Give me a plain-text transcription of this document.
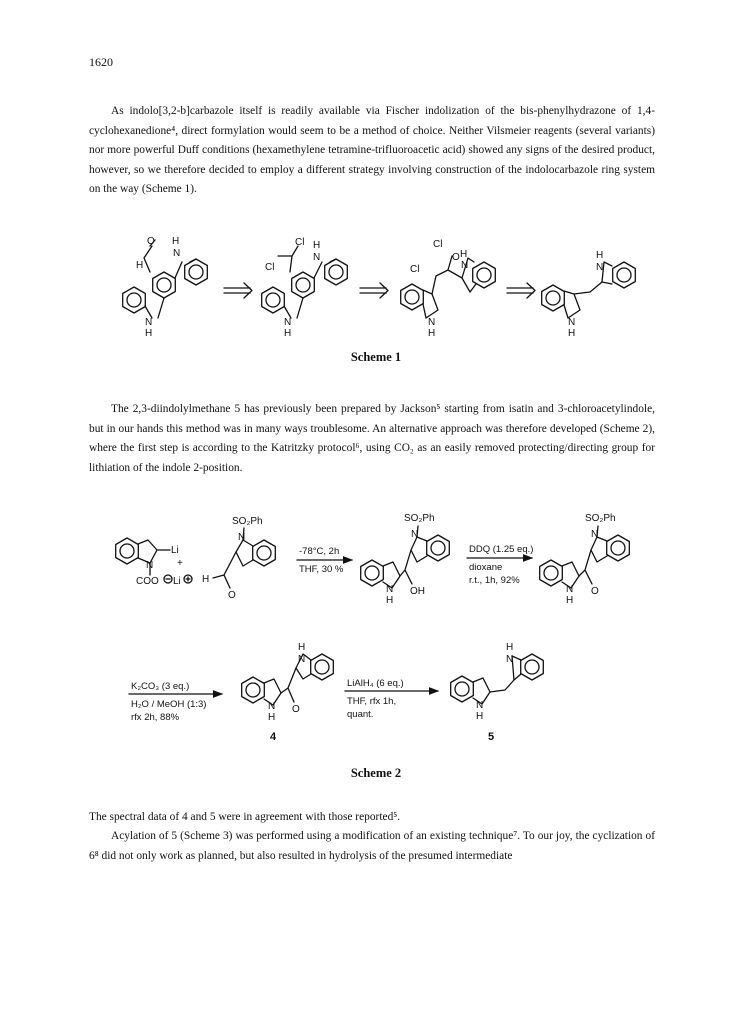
1620

As indolo[3,2-b]carbazole itself is readily available via Fischer indolization of the bis-phenylhydrazone of 1,4-cyclohexanedione⁴, direct formylation would seem to be a method of choice. Neither Vilsmeier reagents (several variants) nor more powerful Duff conditions (hexamethylene tetramine-trifluoroacetic acid) showed any signs of the desired product, however, so we therefore decided to employ a different strategy involving construction of the indolocarbazole ring system on the way (Scheme 1).

O
H
H
N
N
H
Cl
Cl
H
N
N
H
Cl
Cl
O H
N
N
H
H
N
N
H
Scheme 1

The 2,3-diindolylmethane 5 has previously been prepared by Jackson⁵ starting from isatin and 3-chloroacetylindole, but in our hands this method was in many ways troublesome. An alternative approach was therefore developed (Scheme 2), where the first step is according to the Katritzky protocol⁶, using CO₂ as an easily removed protecting/directing group for lithiation of the indole 2-position.

Li
N
COO Li
+
SO₂Ph
N
H
O
-78°C, 2h
THF, 30 %
SO₂Ph
N
N
H
OH
DDQ (1.25 eq.)
dioxane
r.t., 1h, 92%
SO₂Ph
N
N
H
O
K₂CO₃ (3 eq.)
H₂O / MeOH (1:3)
rfx 2h, 88%
H
N
N
H
O
4
LiAlH₄ (6 eq.)
THF, rfx 1h,
quant.
H
N
N
H
5
Scheme 2

The spectral data of 4 and 5 were in agreement with those reported⁵.

Acylation of 5 (Scheme 3) was performed using a modification of an existing technique⁷. To our joy, the cyclization of 6⁸ did not only work as planned, but also resulted in hydrolysis of the presumed intermediate
